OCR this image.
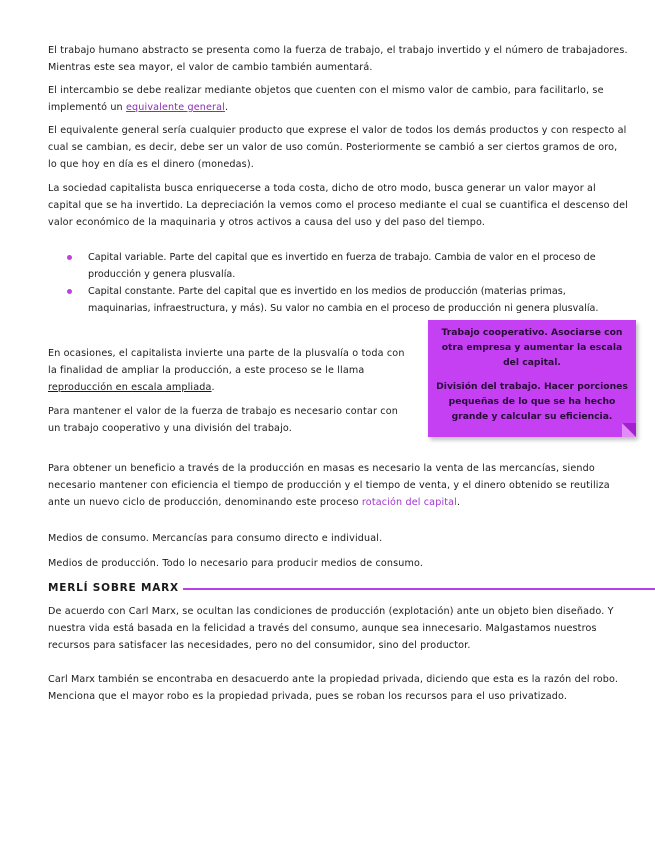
El trabajo humano abstracto se presenta como la fuerza de trabajo, el trabajo invertido y el número de trabajadores. Mientras este sea mayor, el valor de cambio también aumentará.

El intercambio se debe realizar mediante objetos que cuenten con el mismo valor de cambio, para facilitarlo, se implementó un equivalente general.

El equivalente general sería cualquier producto que exprese el valor de todos los demás productos y con respecto al cual se cambian, es decir, debe ser un valor de uso común. Posteriormente se cambió a ser ciertos gramos de oro, lo que hoy en día es el dinero (monedas).

La sociedad capitalista busca enriquecerse a toda costa, dicho de otro modo, busca generar un valor mayor al capital que se ha invertido. La depreciación la vemos como el proceso mediante el cual se cuantifica el descenso del valor económico de la maquinaria y otros activos a causa del uso y del paso del tiempo.

Capital variable. Parte del capital que es invertido en fuerza de trabajo. Cambia de valor en el proceso de producción y genera plusvalía.
Capital constante. Parte del capital que es invertido en los medios de producción (materias primas, maquinarias, infraestructura, y más). Su valor no cambia en el proceso de producción ni genera plusvalía.

En ocasiones, el capitalista invierte una parte de la plusvalía o toda con la finalidad de ampliar la producción, a este proceso se le llama reproducción en escala ampliada.

Para mantener el valor de la fuerza de trabajo es necesario contar con un trabajo cooperativo y una división del trabajo.

Trabajo cooperativo. Asociarse con otra empresa y aumentar la escala del capital.

División del trabajo. Hacer porciones pequeñas de lo que se ha hecho grande y calcular su eficiencia.

Para obtener un beneficio a través de la producción en masas es necesario la venta de las mercancías, siendo necesario mantener con eficiencia el tiempo de producción y el tiempo de venta, y el dinero obtenido se reutiliza ante un nuevo ciclo de producción, denominando este proceso rotación del capital.

Medios de consumo. Mercancías para consumo directo e individual.

Medios de producción. Todo lo necesario para producir medios de consumo.

MERLÍ SOBRE MARX

De acuerdo con Carl Marx, se ocultan las condiciones de producción (explotación) ante un objeto bien diseñado. Y nuestra vida está basada en la felicidad a través del consumo, aunque sea innecesario. Malgastamos nuestros recursos para satisfacer las necesidades, pero no del consumidor, sino del productor.

Carl Marx también se encontraba en desacuerdo ante la propiedad privada, diciendo que esta es la razón del robo. Menciona que el mayor robo es la propiedad privada, pues se roban los recursos para el uso privatizado.
